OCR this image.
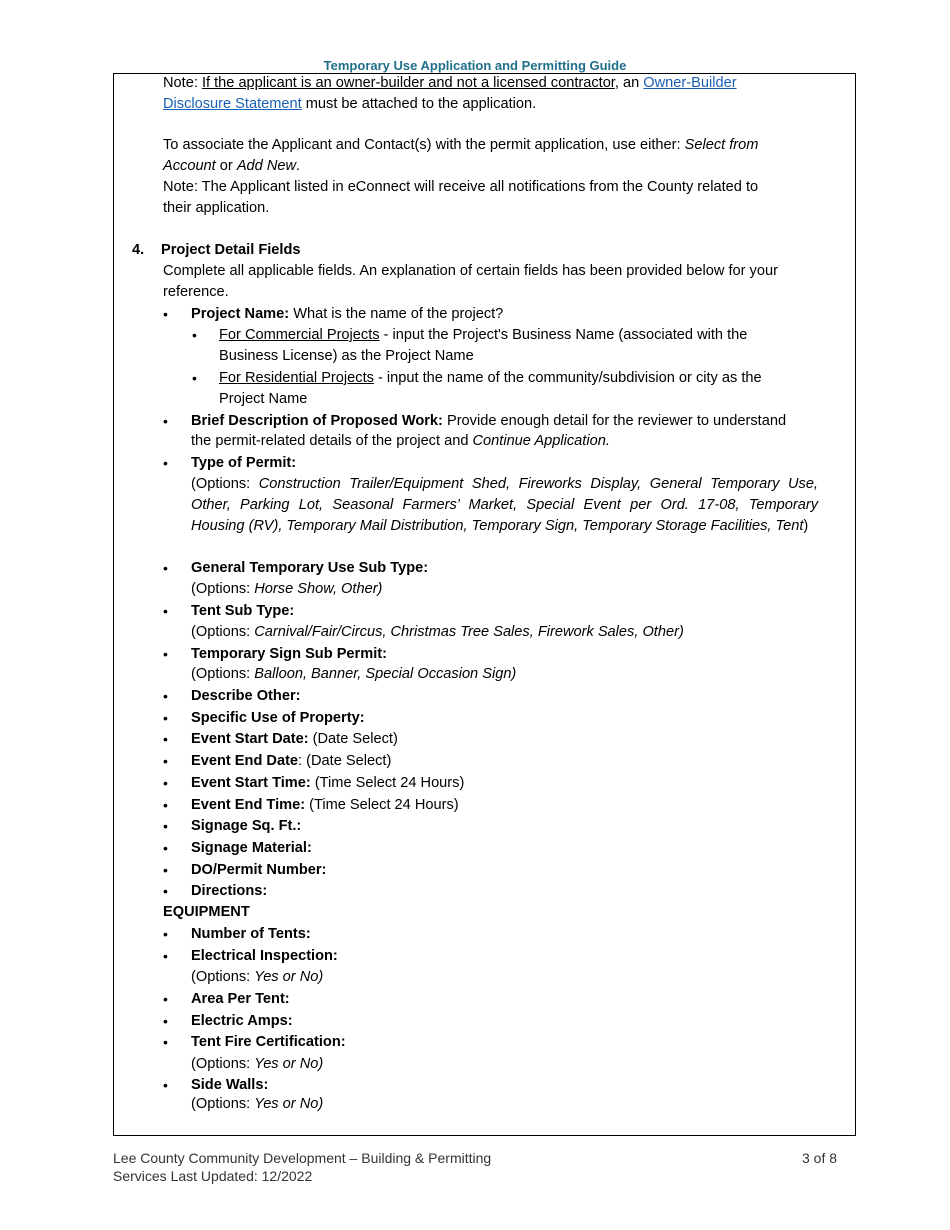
Temporary Use Application and Permitting Guide
Note: If the applicant is an owner-builder and not a licensed contractor, an Owner-Builder
Disclosure Statement must be attached to the application.
To associate the Applicant and Contact(s) with the permit application, use either: Select from
Account or Add New.
Note: The Applicant listed in eConnect will receive all notifications from the County related to
their application.
4. Project Detail Fields
Complete all applicable fields. An explanation of certain fields has been provided below for your
reference.
• Project Name: What is the name of the project?
• For Commercial Projects - input the Project's Business Name (associated with the
Business License) as the Project Name
• For Residential Projects - input the name of the community/subdivision or city as the
Project Name
• Brief Description of Proposed Work: Provide enough detail for the reviewer to understand
the permit-related details of the project and Continue Application.
• Type of Permit:
(Options: Construction Trailer/Equipment Shed, Fireworks Display, General Temporary Use, Other, Parking Lot, Seasonal Farmers’ Market, Special Event per Ord. 17-08, Temporary Housing (RV), Temporary Mail Distribution, Temporary Sign, Temporary Storage Facilities, Tent)
• General Temporary Use Sub Type:
(Options: Horse Show, Other)
• Tent Sub Type:
(Options: Carnival/Fair/Circus, Christmas Tree Sales, Firework Sales, Other)
• Temporary Sign Sub Permit:
(Options: Balloon, Banner, Special Occasion Sign)
• Describe Other:
• Specific Use of Property:
• Event Start Date: (Date Select)
• Event End Date: (Date Select)
• Event Start Time: (Time Select 24 Hours)
• Event End Time: (Time Select 24 Hours)
• Signage Sq. Ft.:
• Signage Material:
• DO/Permit Number:
• Directions:
EQUIPMENT
• Number of Tents:
• Electrical Inspection:
(Options: Yes or No)
• Area Per Tent:
• Electric Amps:
• Tent Fire Certification:
(Options: Yes or No)
• Side Walls:
(Options: Yes or No)
Lee County Community Development – Building & Permitting
Services Last Updated: 12/2022
3 of 8
